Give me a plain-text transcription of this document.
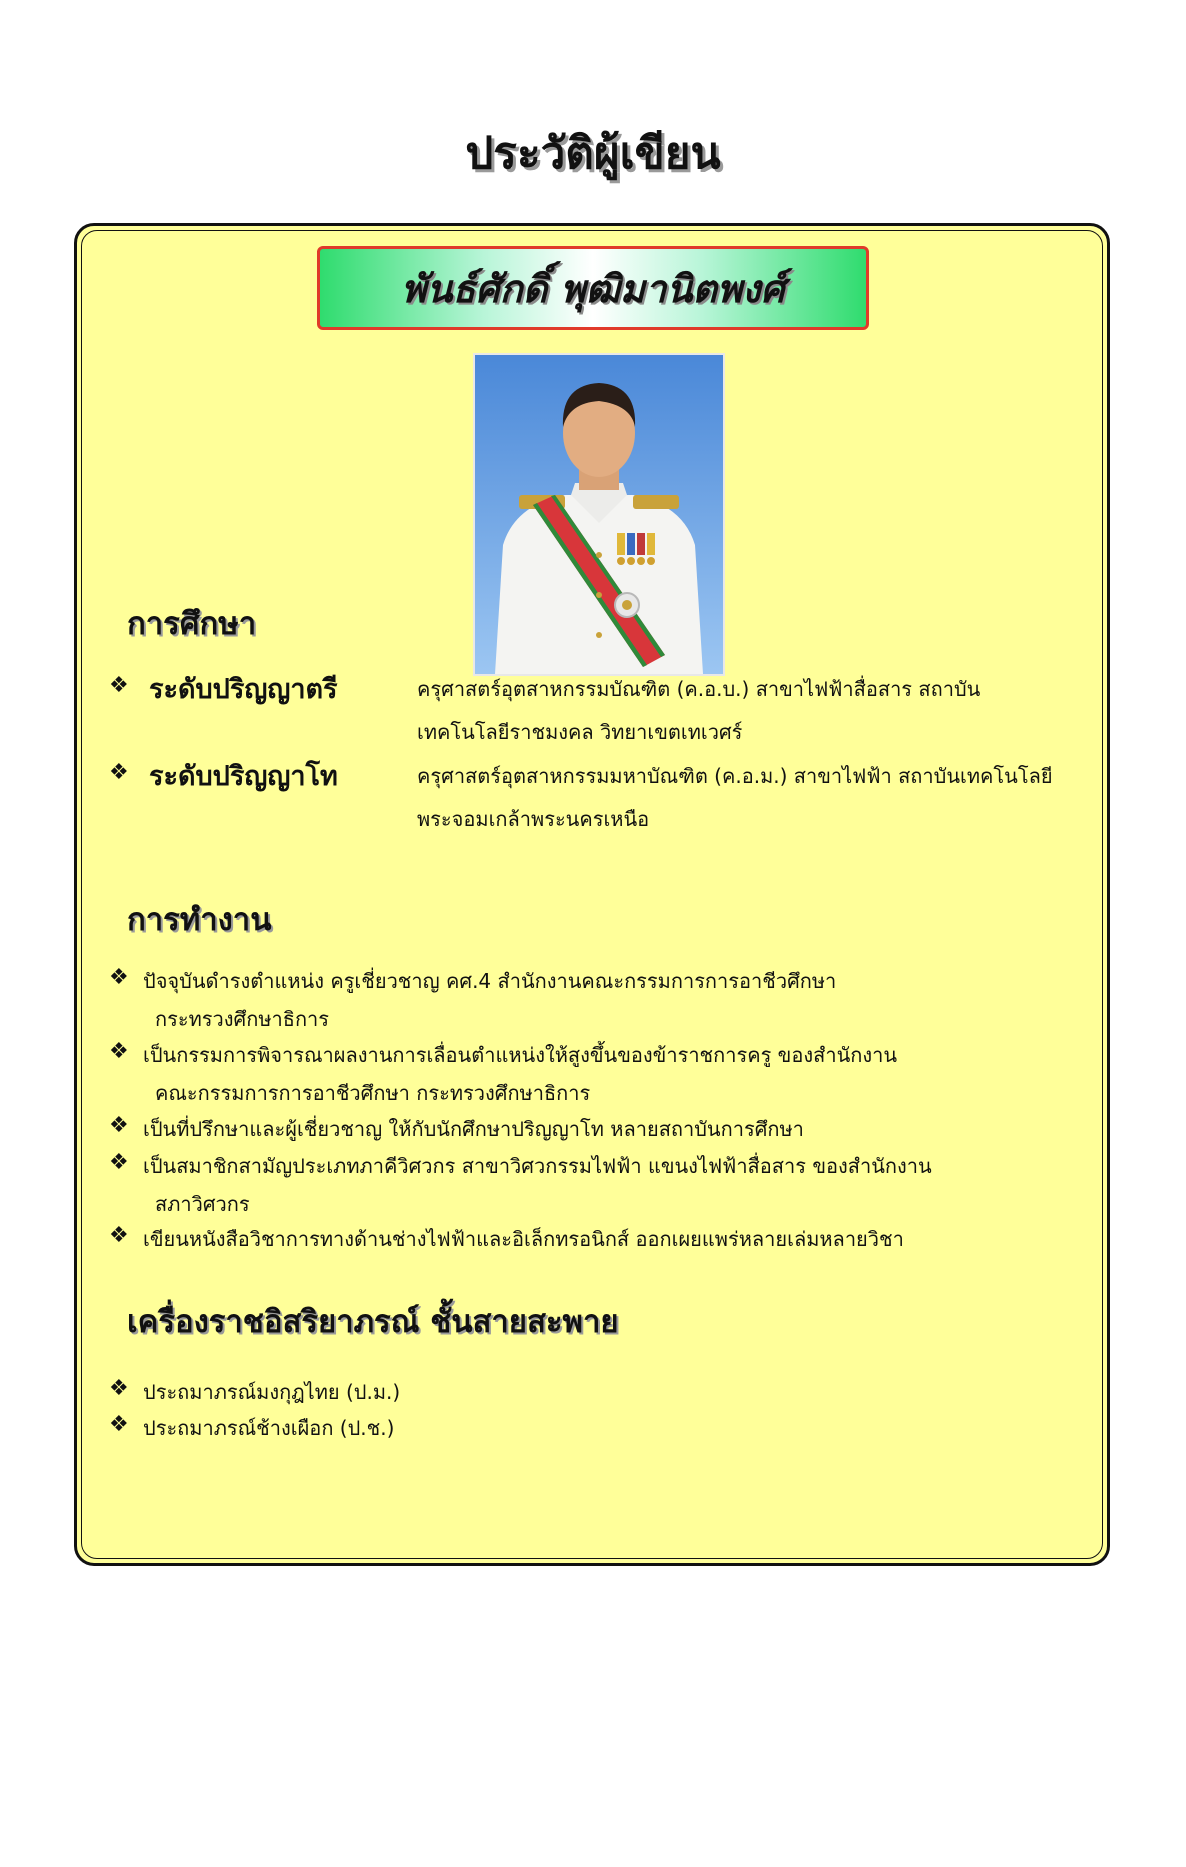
ประวัติผู้เขียน
พันธ์ศักดิ์ พุฒิมานิตพงศ์
การศึกษา
❖ ระดับปริญญาตรี	ครุศาสตร์อุตสาหกรรมบัณฑิต (ค.อ.บ.) สาขาไฟฟ้าสื่อสาร สถาบัน
เทคโนโลยีราชมงคล วิทยาเขตเทเวศร์
❖ ระดับปริญญาโท	ครุศาสตร์อุตสาหกรรมมหาบัณฑิต (ค.อ.ม.) สาขาไฟฟ้า สถาบันเทคโนโลยี
พระจอมเกล้าพระนครเหนือ
การทำงาน
❖ ปัจจุบันดำรงตำแหน่ง ครูเชี่ยวชาญ คศ.4 สำนักงานคณะกรรมการการอาชีวศึกษา
กระทรวงศึกษาธิการ
❖ เป็นกรรมการพิจารณาผลงานการเลื่อนตำแหน่งให้สูงขึ้นของข้าราชการครู ของสำนักงาน
คณะกรรมการการอาชีวศึกษา กระทรวงศึกษาธิการ
❖ เป็นที่ปรึกษาและผู้เชี่ยวชาญ ให้กับนักศึกษาปริญญาโท หลายสถาบันการศึกษา
❖ เป็นสมาชิกสามัญประเภทภาคีวิศวกร สาขาวิศวกรรมไฟฟ้า แขนงไฟฟ้าสื่อสาร ของสำนักงาน
สภาวิศวกร
❖ เขียนหนังสือวิชาการทางด้านช่างไฟฟ้าและอิเล็กทรอนิกส์ ออกเผยแพร่หลายเล่มหลายวิชา
เครื่องราชอิสริยาภรณ์ ชั้นสายสะพาย
❖ ประถมาภรณ์มงกุฎไทย (ป.ม.)
❖ ประถมาภรณ์ช้างเผือก (ป.ช.)
